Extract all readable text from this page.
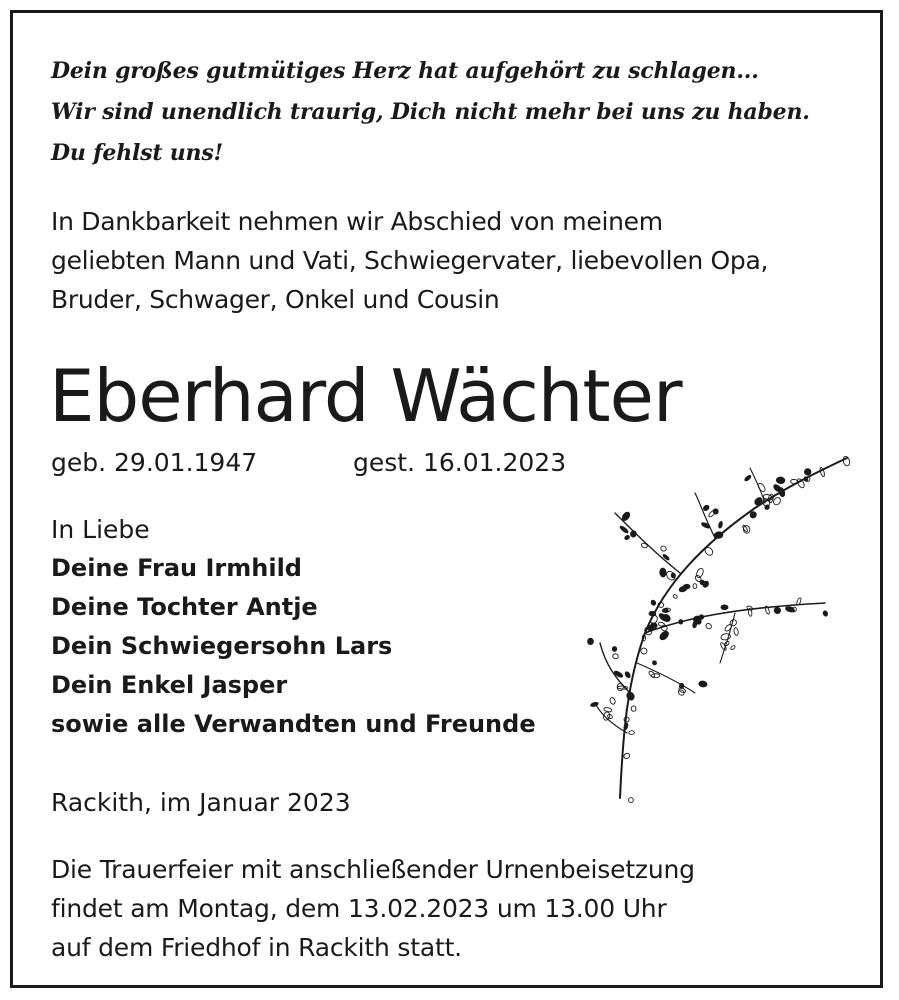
Dein großes gutmütiges Herz hat aufgehört zu schlagen...
Wir sind unendlich traurig, Dich nicht mehr bei uns zu haben.
Du fehlst uns!
In Dankbarkeit nehmen wir Abschied von meinem
geliebten Mann und Vati, Schwiegervater, liebevollen Opa,
Bruder, Schwager, Onkel und Cousin
Eberhard Wächter
geb. 29.01.1947	gest. 16.01.2023
In Liebe
Deine Frau Irmhild
Deine Tochter Antje
Dein Schwiegersohn Lars
Dein Enkel Jasper
sowie alle Verwandten und Freunde
Rackith, im Januar 2023
Die Trauerfeier mit anschließender Urnenbeisetzung
findet am Montag, dem 13.02.2023 um 13.00 Uhr
auf dem Friedhof in Rackith statt.
